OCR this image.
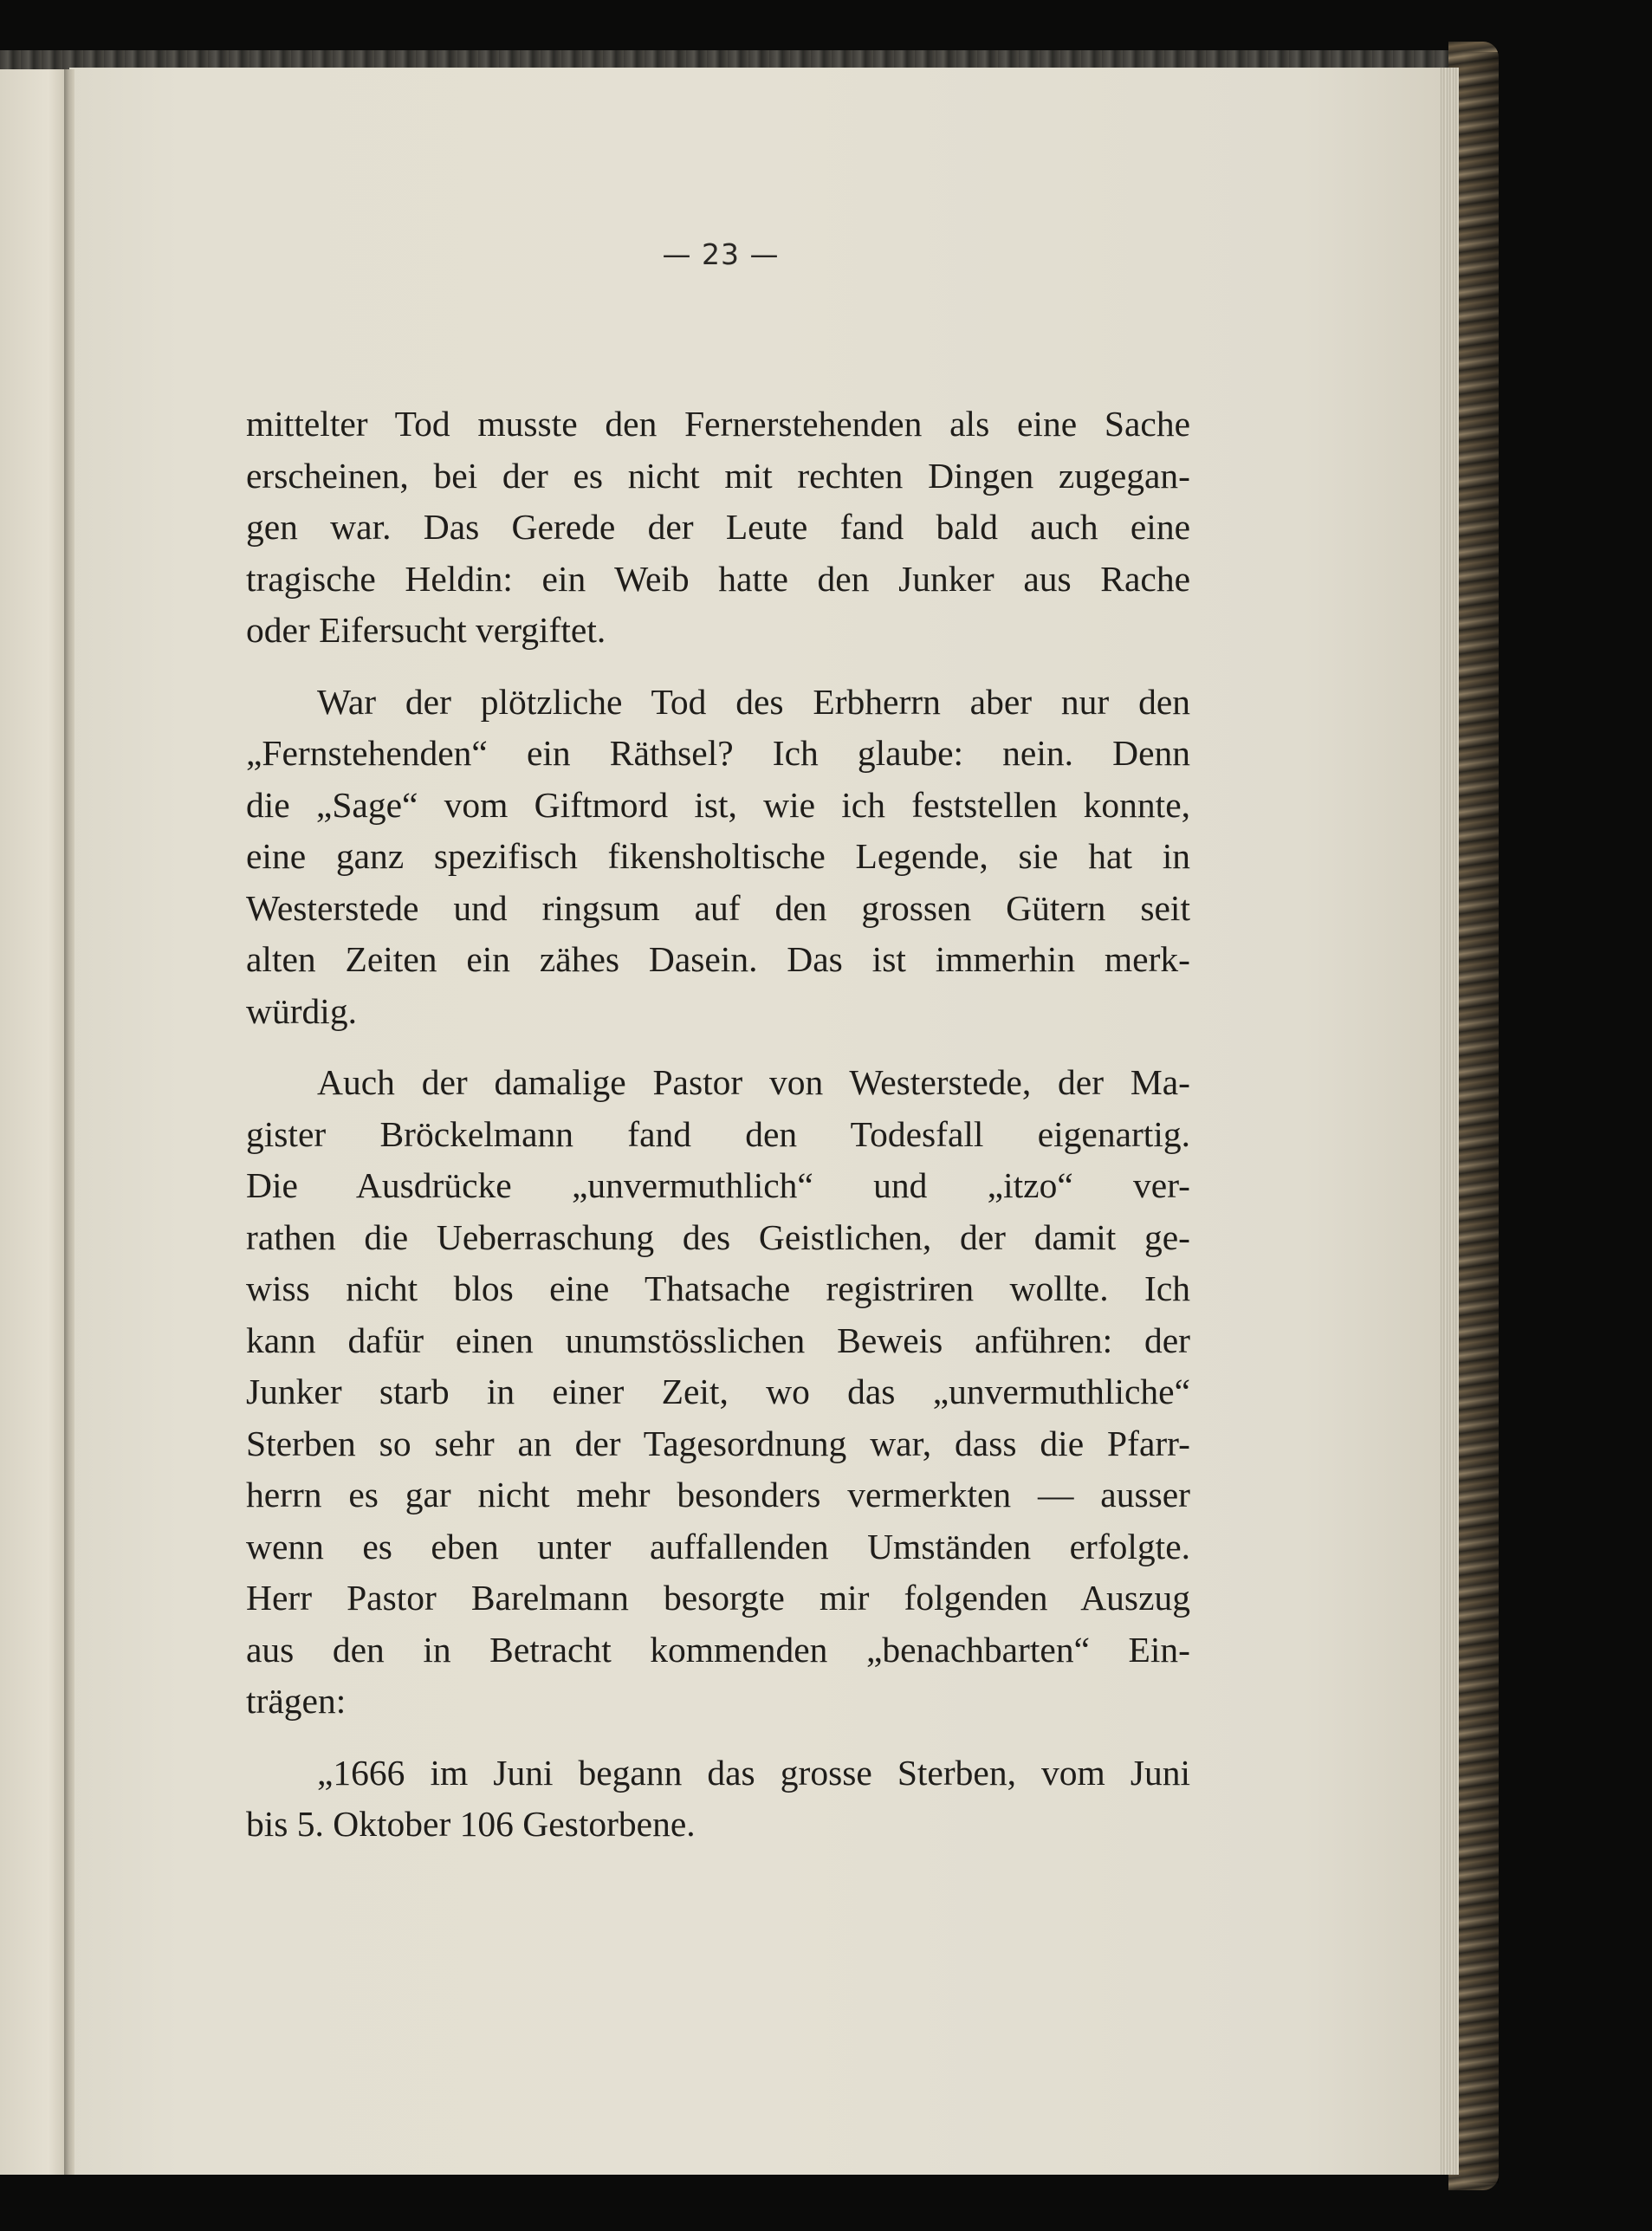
— 23 —

mittelter Tod musste den Fernerstehenden als eine Sache
erscheinen, bei der es nicht mit rechten Dingen zugegan-
gen war. Das Gerede der Leute fand bald auch eine
tragische Heldin: ein Weib hatte den Junker aus Rache
oder Eifersucht vergiftet.

War der plötzliche Tod des Erbherrn aber nur den
„Fernstehenden“ ein Räthsel? Ich glaube: nein. Denn
die „Sage“ vom Giftmord ist, wie ich feststellen konnte,
eine ganz spezifisch fikensholtische Legende, sie hat in
Westerstede und ringsum auf den grossen Gütern seit
alten Zeiten ein zähes Dasein. Das ist immerhin merk-
würdig.

Auch der damalige Pastor von Westerstede, der Ma-
gister Bröckelmann fand den Todesfall eigenartig.
Die Ausdrücke „unvermuthlich“ und „itzo“ ver-
rathen die Ueberraschung des Geistlichen, der damit ge-
wiss nicht blos eine Thatsache registriren wollte. Ich
kann dafür einen unumstösslichen Beweis anführen: der
Junker starb in einer Zeit, wo das „unvermuthliche“
Sterben so sehr an der Tagesordnung war, dass die Pfarr-
herrn es gar nicht mehr besonders vermerkten — ausser
wenn es eben unter auffallenden Umständen erfolgte.
Herr Pastor Barelmann besorgte mir folgenden Auszug
aus den in Betracht kommenden „benachbarten“ Ein-
trägen:

„1666 im Juni begann das grosse Sterben, vom Juni
bis 5. Oktober 106 Gestorbene.
